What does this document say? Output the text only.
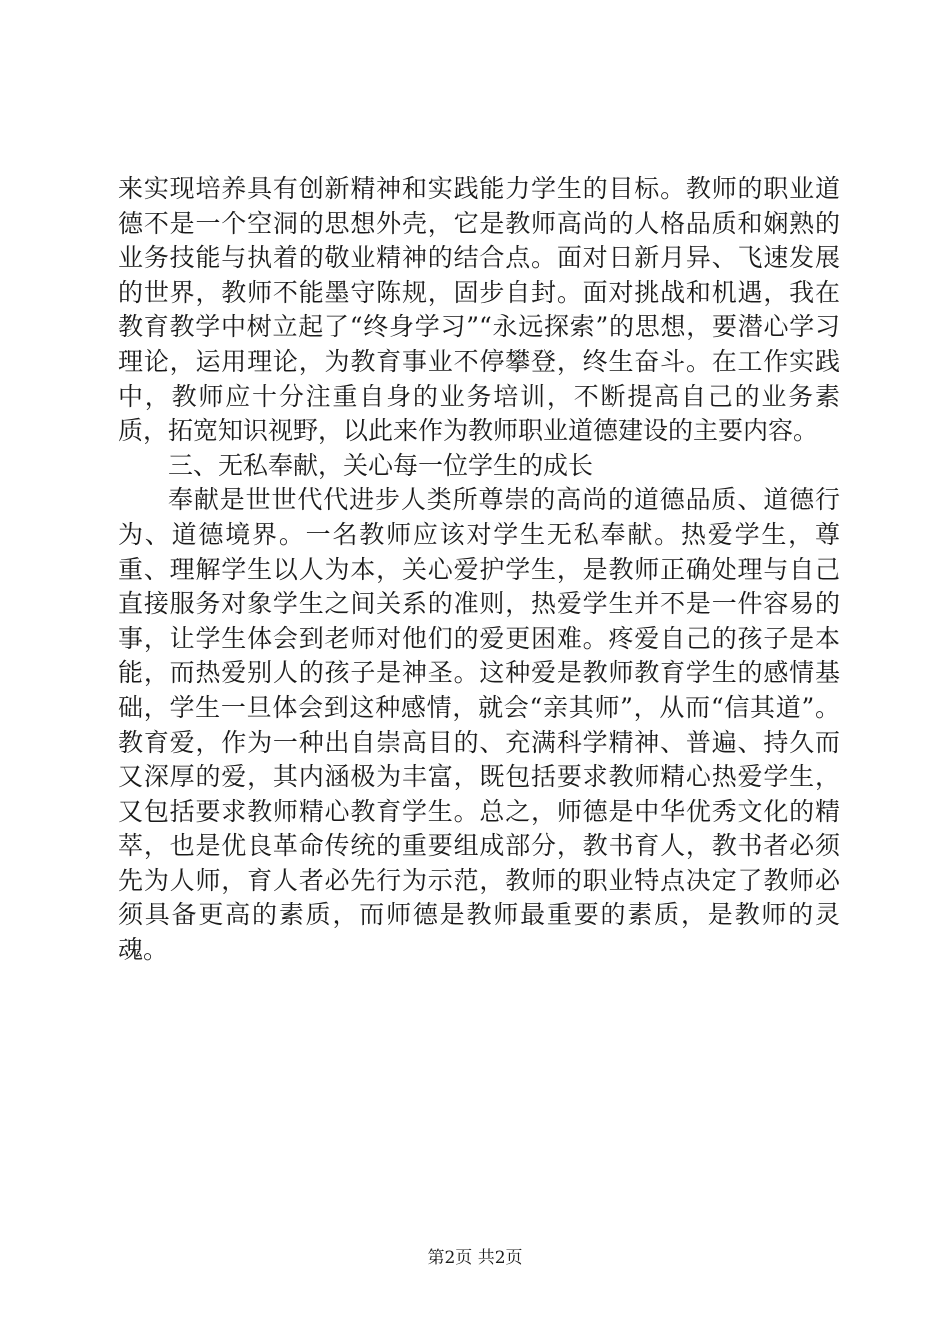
来实现培养具有创新精神和实践能力学生的目标。教师的职业道德不是一个空洞的思想外壳，它是教师高尚的人格品质和娴熟的业务技能与执着的敬业精神的结合点。面对日新月异、飞速发展的世界，教师不能墨守陈规，固步自封。面对挑战和机遇，我在教育教学中树立起了“终身学习”“永远探索”的思想，要潜心学习理论，运用理论，为教育事业不停攀登，终生奋斗。在工作实践中，教师应十分注重自身的业务培训，不断提高自己的业务素质，拓宽知识视野，以此来作为教师职业道德建设的主要内容。

三、无私奉献，关心每一位学生的成长

奉献是世世代代进步人类所尊崇的高尚的道德品质、道德行为、道德境界。一名教师应该对学生无私奉献。热爱学生，尊重、理解学生以人为本，关心爱护学生，是教师正确处理与自己直接服务对象学生之间关系的准则，热爱学生并不是一件容易的事，让学生体会到老师对他们的爱更困难。疼爱自己的孩子是本能，而热爱别人的孩子是神圣。这种爱是教师教育学生的感情基础，学生一旦体会到这种感情，就会“亲其师”，从而“信其道”。教育爱，作为一种出自崇高目的、充满科学精神、普遍、持久而又深厚的爱，其内涵极为丰富，既包括要求教师精心热爱学生，又包括要求教师精心教育学生。总之，师德是中华优秀文化的精萃，也是优良革命传统的重要组成部分，教书育人，教书者必须先为人师，育人者必先行为示范，教师的职业特点决定了教师必须具备更高的素质，而师德是教师最重要的素质，是教师的灵魂。

第2页 共2页
